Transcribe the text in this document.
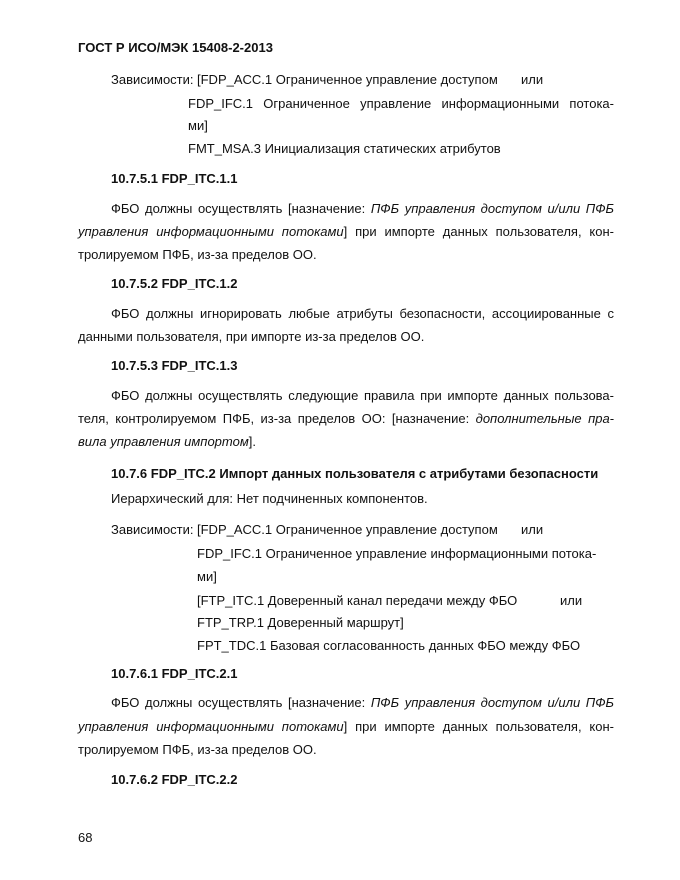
ГОСТ Р ИСО/МЭК 15408-2-2013
Зависимости: [FDP_ACC.1 Ограниченное управление доступом или
FDP_IFC.1 Ограниченное управление информационными потока-
ми]
FMT_MSA.3 Инициализация статических атрибутов
10.7.5.1 FDP_ITC.1.1
ФБО должны осуществлять [назначение: ПФБ управления доступом и/или ПФБ
управления информационными потоками] при импорте данных пользователя, кон-
тролируемом ПФБ, из-за пределов ОО.
10.7.5.2 FDP_ITC.1.2
ФБО должны игнорировать любые атрибуты безопасности, ассоциированные с
данными пользователя, при импорте из-за пределов ОО.
10.7.5.3 FDP_ITC.1.3
ФБО должны осуществлять следующие правила при импорте данных пользова-
теля, контролируемом ПФБ, из-за пределов ОО: [назначение: дополнительные пра-
вила управления импортом].
10.7.6 FDP_ITC.2 Импорт данных пользователя с атрибутами безопасности
Иерархический для: Нет подчиненных компонентов.
Зависимости: [FDP_ACC.1 Ограниченное управление доступом или
FDP_IFC.1 Ограниченное управление информационными потока-
ми]
[FTP_ITC.1 Доверенный канал передачи между ФБО	или
FTP_TRP.1 Доверенный маршрут]
FPT_TDC.1 Базовая согласованность данных ФБО между ФБО
10.7.6.1 FDP_ITC.2.1
ФБО должны осуществлять [назначение: ПФБ управления доступом и/или ПФБ
управления информационными потоками] при импорте данных пользователя, кон-
тролируемом ПФБ, из-за пределов ОО.
10.7.6.2 FDP_ITC.2.2
68
